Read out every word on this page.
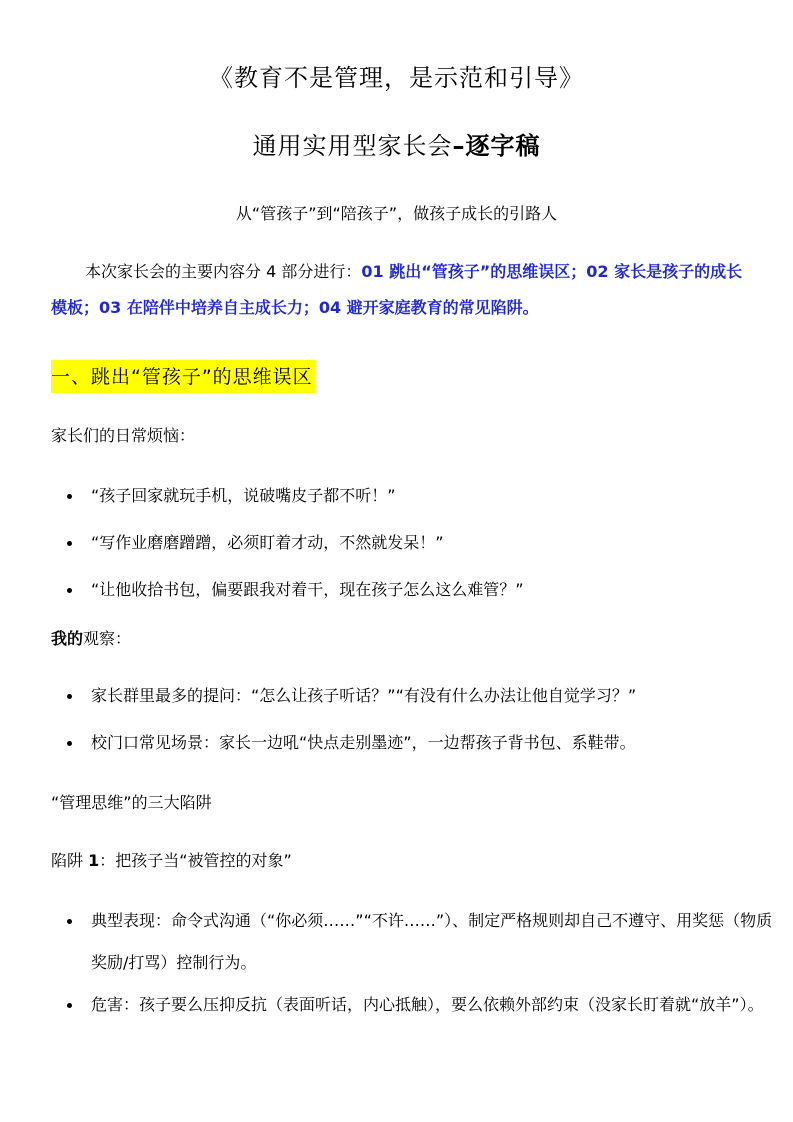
《教育不是管理，是示范和引导》
通用实用型家长会–逐字稿
从“管孩子”到“陪孩子”，做孩子成长的引路人
本次家长会的主要内容分 4 部分进行：01 跳出“管孩子”的思维误区；02 家长是孩子的成长模板；03 在陪伴中培养自主成长力；04 避开家庭教育的常见陷阱。
一、跳出“管孩子”的思维误区
家长们的日常烦恼：
“孩子回家就玩手机，说破嘴皮子都不听！”
“写作业磨磨蹭蹭，必须盯着才动，不然就发呆！”
“让他收拾书包，偏要跟我对着干，现在孩子怎么这么难管？”
我的观察：
家长群里最多的提问：“怎么让孩子听话？”“有没有什么办法让他自觉学习？”
校门口常见场景：家长一边吼“快点走别墨迹”，一边帮孩子背书包、系鞋带。
“管理思维”的三大陷阱
陷阱 1：把孩子当“被管控的对象”
典型表现：命令式沟通（“你必须……”“不许……”）、制定严格规则却自己不遵守、用奖惩（物质奖励/打骂）控制行为。
危害：孩子要么压抑反抗（表面听话，内心抵触），要么依赖外部约束（没家长盯着就“放羊”）。
